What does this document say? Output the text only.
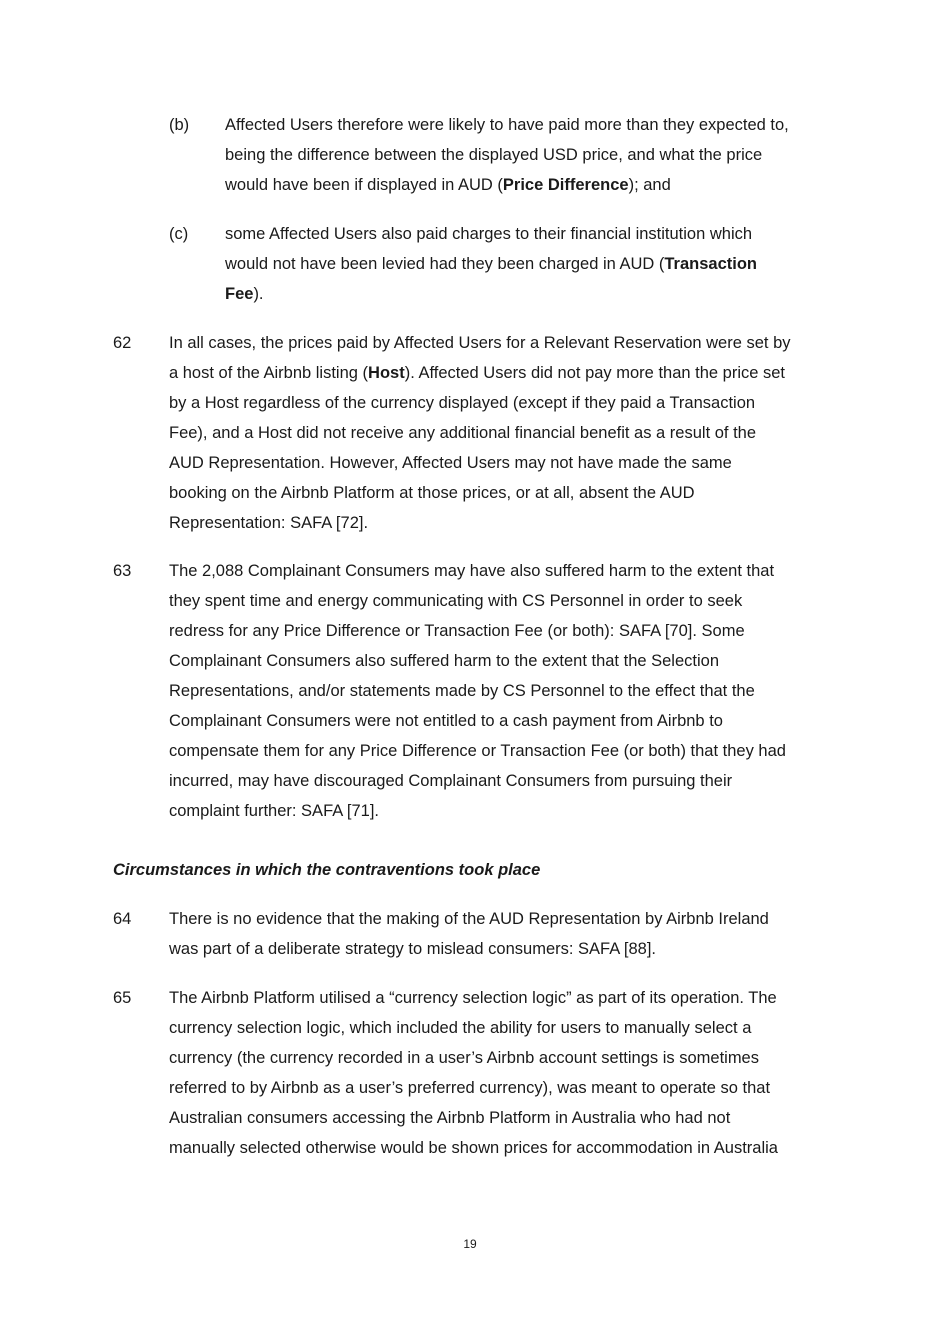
(b) Affected Users therefore were likely to have paid more than they expected to,
being the difference between the displayed USD price, and what the price
would have been if displayed in AUD (Price Difference); and
(c) some Affected Users also paid charges to their financial institution which
would not have been levied had they been charged in AUD (Transaction
Fee).
62 In all cases, the prices paid by Affected Users for a Relevant Reservation were set by
a host of the Airbnb listing (Host). Affected Users did not pay more than the price set
by a Host regardless of the currency displayed (except if they paid a Transaction
Fee), and a Host did not receive any additional financial benefit as a result of the
AUD Representation. However, Affected Users may not have made the same
booking on the Airbnb Platform at those prices, or at all, absent the AUD
Representation: SAFA [72].
63 The 2,088 Complainant Consumers may have also suffered harm to the extent that
they spent time and energy communicating with CS Personnel in order to seek
redress for any Price Difference or Transaction Fee (or both): SAFA [70]. Some
Complainant Consumers also suffered harm to the extent that the Selection
Representations, and/or statements made by CS Personnel to the effect that the
Complainant Consumers were not entitled to a cash payment from Airbnb to
compensate them for any Price Difference or Transaction Fee (or both) that they had
incurred, may have discouraged Complainant Consumers from pursuing their
complaint further: SAFA [71].
Circumstances in which the contraventions took place
64 There is no evidence that the making of the AUD Representation by Airbnb Ireland
was part of a deliberate strategy to mislead consumers: SAFA [88].
65 The Airbnb Platform utilised a “currency selection logic” as part of its operation. The
currency selection logic, which included the ability for users to manually select a
currency (the currency recorded in a user’s Airbnb account settings is sometimes
referred to by Airbnb as a user’s preferred currency), was meant to operate so that
Australian consumers accessing the Airbnb Platform in Australia who had not
manually selected otherwise would be shown prices for accommodation in Australia
19
